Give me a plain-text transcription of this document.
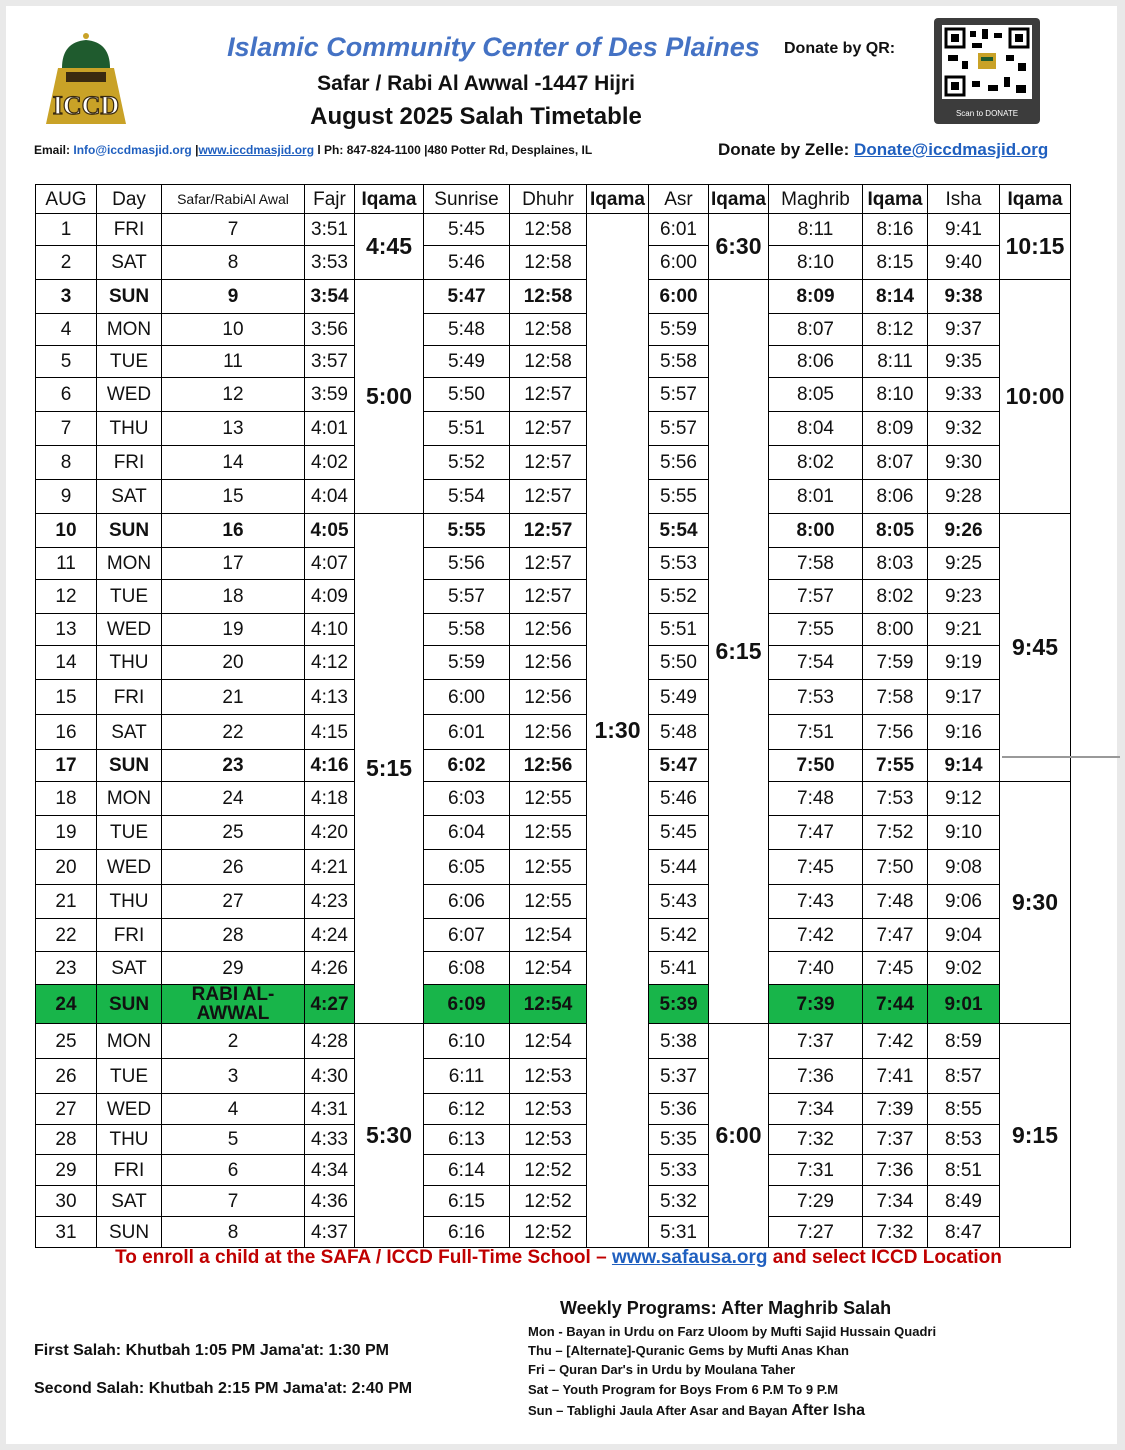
ICCD
Islamic Community Center of Des Plaines
Safar / Rabi Al Awwal -1447 Hijri
August 2025 Salah Timetable
Donate by QR:
Scan to DONATE
Email: Info@iccdmasjid.org |www.iccdmasjid.org l Ph: 847-824-1100 |480 Potter Rd, Desplaines, IL	Donate by Zelle: Donate@iccdmasjid.org
AUG	Day	Safar/RabiAl Awal	Fajr	Iqama	Sunrise	Dhuhr	Iqama	Asr	Iqama	Maghrib	Iqama	Isha	Iqama
1	FRI	7	3:51	4:45	5:45	12:58	1:30	6:01	6:30	8:11	8:16	9:41	10:15
2	SAT	8	3:53		5:46	12:58		6:00		8:10	8:15	9:40	
3	SUN	9	3:54	5:00	5:47	12:58		6:00	6:15	8:09	8:14	9:38	10:00
4	MON	10	3:56		5:48	12:58		5:59		8:07	8:12	9:37	
5	TUE	11	3:57		5:49	12:58		5:58		8:06	8:11	9:35	
6	WED	12	3:59		5:50	12:57		5:57		8:05	8:10	9:33	
7	THU	13	4:01		5:51	12:57		5:57		8:04	8:09	9:32	
8	FRI	14	4:02		5:52	12:57		5:56		8:02	8:07	9:30	
9	SAT	15	4:04		5:54	12:57		5:55		8:01	8:06	9:28	
10	SUN	16	4:05	5:15	5:55	12:57		5:54		8:00	8:05	9:26	9:45
11	MON	17	4:07		5:56	12:57		5:53		7:58	8:03	9:25	
12	TUE	18	4:09		5:57	12:57		5:52		7:57	8:02	9:23	
13	WED	19	4:10		5:58	12:56		5:51		7:55	8:00	9:21	
14	THU	20	4:12		5:59	12:56		5:50		7:54	7:59	9:19	
15	FRI	21	4:13		6:00	12:56		5:49		7:53	7:58	9:17	
16	SAT	22	4:15		6:01	12:56		5:48		7:51	7:56	9:16	
17	SUN	23	4:16		6:02	12:56		5:47		7:50	7:55	9:14	
18	MON	24	4:18		6:03	12:55		5:46		7:48	7:53	9:12	9:30
19	TUE	25	4:20		6:04	12:55		5:45		7:47	7:52	9:10	
20	WED	26	4:21		6:05	12:55		5:44		7:45	7:50	9:08	
21	THU	27	4:23		6:06	12:55		5:43		7:43	7:48	9:06	
22	FRI	28	4:24		6:07	12:54		5:42		7:42	7:47	9:04	
23	SAT	29	4:26		6:08	12:54		5:41		7:40	7:45	9:02	
24	SUN	RABI AL-AWWAL	4:27		6:09	12:54		5:39		7:39	7:44	9:01	
25	MON	2	4:28	5:30	6:10	12:54		5:38	6:00	7:37	7:42	8:59	9:15
26	TUE	3	4:30		6:11	12:53		5:37		7:36	7:41	8:57	
27	WED	4	4:31		6:12	12:53		5:36		7:34	7:39	8:55	
28	THU	5	4:33		6:13	12:53		5:35		7:32	7:37	8:53	
29	FRI	6	4:34		6:14	12:52		5:33		7:31	7:36	8:51	
30	SAT	7	4:36		6:15	12:52		5:32		7:29	7:34	8:49	
31	SUN	8	4:37		6:16	12:52		5:31		7:27	7:32	8:47	
To enroll a child at the SAFA / ICCD Full-Time School – www.safausa.org and select ICCD Location
First Salah: Khutbah 1:05 PM Jama'at: 1:30 PM
Second Salah: Khutbah 2:15 PM Jama'at: 2:40 PM
Weekly Programs: After Maghrib Salah
Mon - Bayan in Urdu on Farz Uloom by Mufti Sajid Hussain Quadri
Thu – [Alternate]-Quranic Gems by Mufti Anas Khan
Fri – Quran Dar's in Urdu by Moulana Taher
Sat – Youth Program for Boys From 6 P.M To 9 P.M
Sun – Tablighi Jaula After Asar and Bayan After Isha
